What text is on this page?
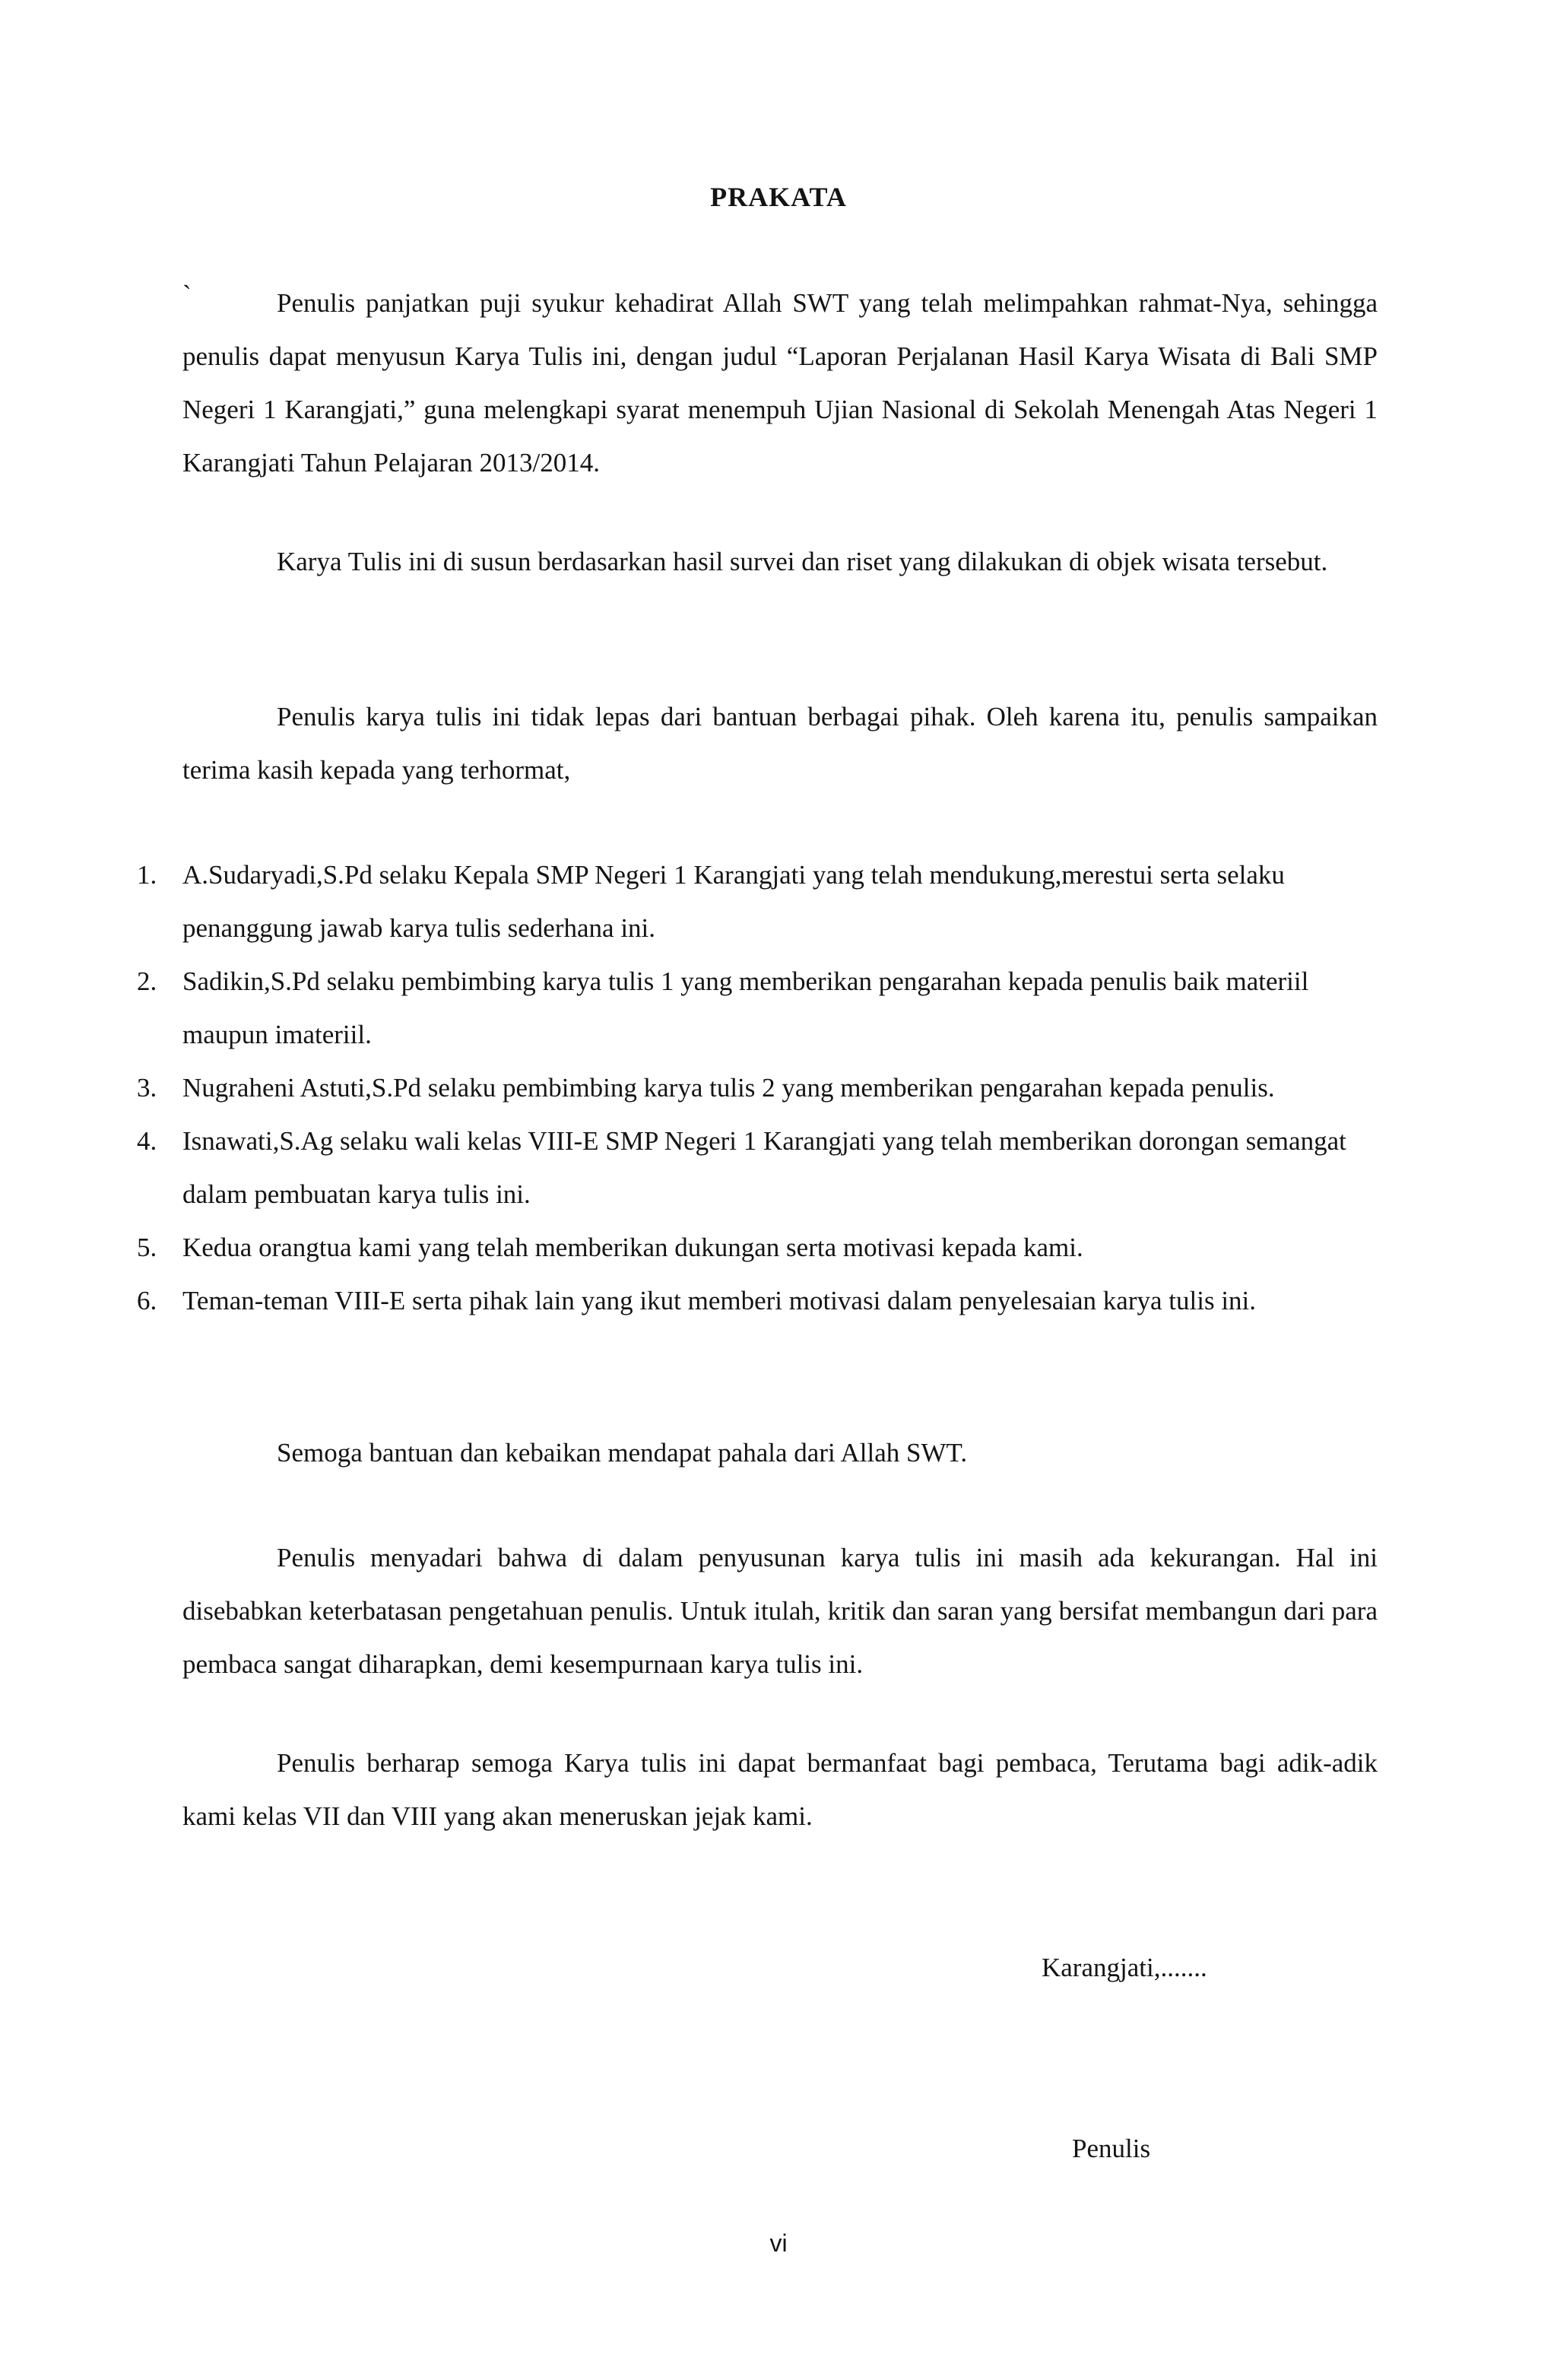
PRAKATA
`	Penulis panjatkan puji syukur kehadirat Allah SWT yang telah melimpahkan rahmat-Nya, sehingga penulis dapat menyusun Karya Tulis ini, dengan judul “Laporan Perjalanan Hasil Karya Wisata di Bali SMP Negeri 1 Karangjati,” guna melengkapi syarat menempuh Ujian Nasional di Sekolah Menengah Atas Negeri 1 Karangjati Tahun Pelajaran 2013/2014.

Karya Tulis ini di susun berdasarkan hasil survei dan riset yang dilakukan di objek wisata tersebut.

Penulis karya tulis ini tidak lepas dari bantuan berbagai pihak. Oleh karena itu, penulis sampaikan terima kasih kepada yang terhormat,

1. A.Sudaryadi,S.Pd selaku Kepala SMP Negeri 1 Karangjati yang telah mendukung,merestui serta selaku penanggung jawab karya tulis sederhana ini.
2. Sadikin,S.Pd selaku pembimbing karya tulis 1 yang memberikan pengarahan kepada penulis baik materiil maupun imateriil.
3. Nugraheni Astuti,S.Pd selaku pembimbing karya tulis 2 yang memberikan pengarahan kepada penulis.
4. Isnawati,S.Ag selaku wali kelas VIII-E SMP Negeri 1 Karangjati yang telah memberikan dorongan semangat dalam pembuatan karya tulis ini.
5. Kedua orangtua kami yang telah memberikan dukungan serta motivasi kepada kami.
6. Teman-teman VIII-E serta pihak lain yang ikut memberi motivasi dalam penyelesaian karya tulis ini.

Semoga bantuan dan kebaikan mendapat pahala dari Allah SWT.

Penulis menyadari bahwa di dalam penyusunan karya tulis ini masih ada kekurangan. Hal ini disebabkan keterbatasan pengetahuan penulis. Untuk itulah, kritik dan saran yang bersifat membangun dari para pembaca sangat diharapkan, demi kesempurnaan karya tulis ini.

Penulis berharap semoga Karya tulis ini dapat bermanfaat bagi pembaca, Terutama bagi adik-adik kami kelas VII dan VIII yang akan meneruskan jejak kami.

Karangjati,.......
Penulis
vi
